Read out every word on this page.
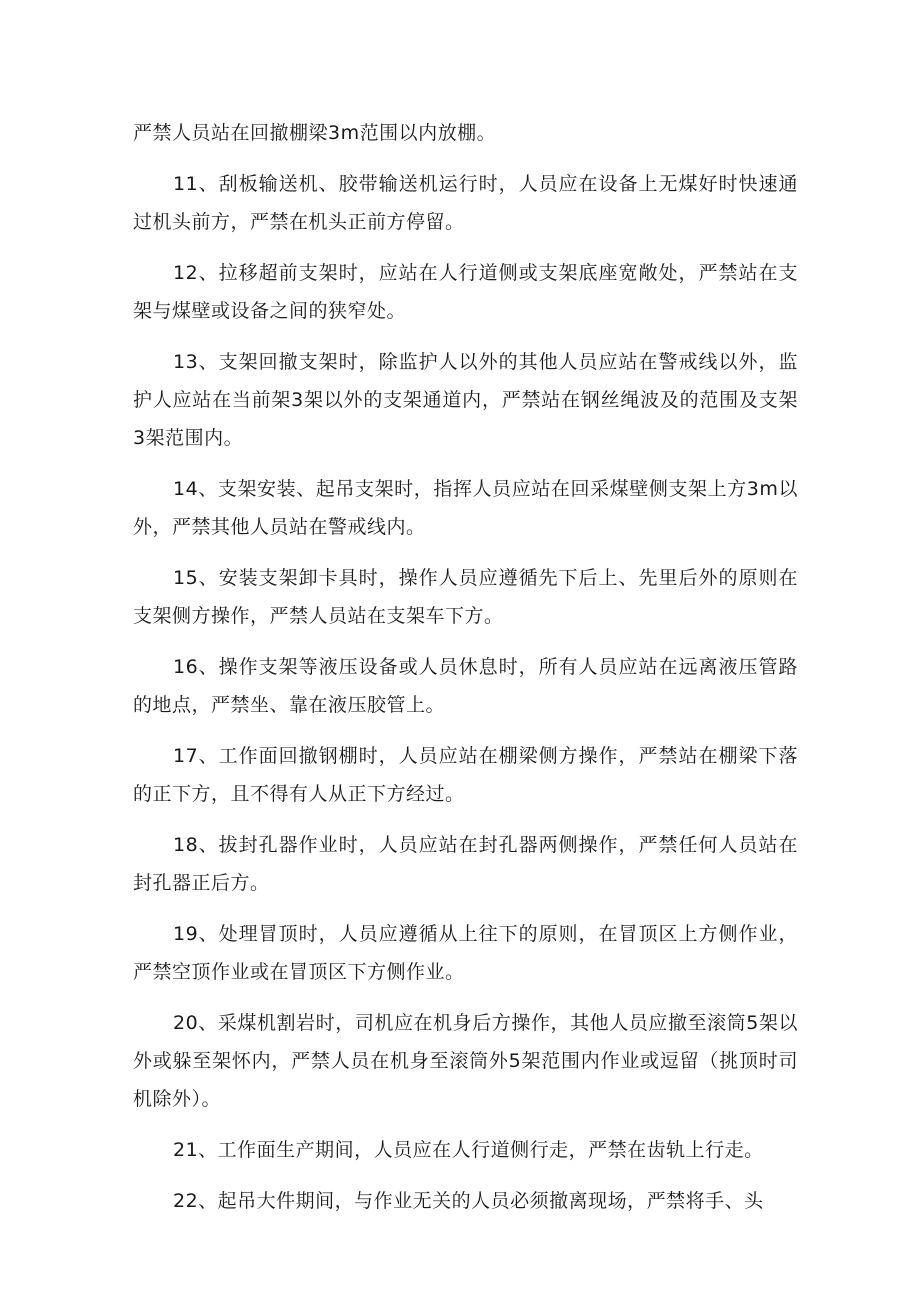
严禁人员站在回撤棚梁3m范围以内放棚。

11、刮板输送机、胶带输送机运行时，人员应在设备上无煤好时快速通过机头前方，严禁在机头正前方停留。

12、拉移超前支架时，应站在人行道侧或支架底座宽敞处，严禁站在支架与煤壁或设备之间的狭窄处。

13、支架回撤支架时，除监护人以外的其他人员应站在警戒线以外，监护人应站在当前架3架以外的支架通道内，严禁站在钢丝绳波及的范围及支架3架范围内。

14、支架安装、起吊支架时，指挥人员应站在回采煤壁侧支架上方3m以外，严禁其他人员站在警戒线内。

15、安装支架卸卡具时，操作人员应遵循先下后上、先里后外的原则在支架侧方操作，严禁人员站在支架车下方。

16、操作支架等液压设备或人员休息时，所有人员应站在远离液压管路的地点，严禁坐、靠在液压胶管上。

17、工作面回撤钢棚时，人员应站在棚梁侧方操作，严禁站在棚梁下落的正下方，且不得有人从正下方经过。

18、拔封孔器作业时，人员应站在封孔器两侧操作，严禁任何人员站在封孔器正后方。

19、处理冒顶时，人员应遵循从上往下的原则，在冒顶区上方侧作业，严禁空顶作业或在冒顶区下方侧作业。

20、采煤机割岩时，司机应在机身后方操作，其他人员应撤至滚筒5架以外或躲至架怀内，严禁人员在机身至滚筒外5架范围内作业或逗留（挑顶时司机除外）。

21、工作面生产期间，人员应在人行道侧行走，严禁在齿轨上行走。

22、起吊大件期间，与作业无关的人员必须撤离现场，严禁将手、头
